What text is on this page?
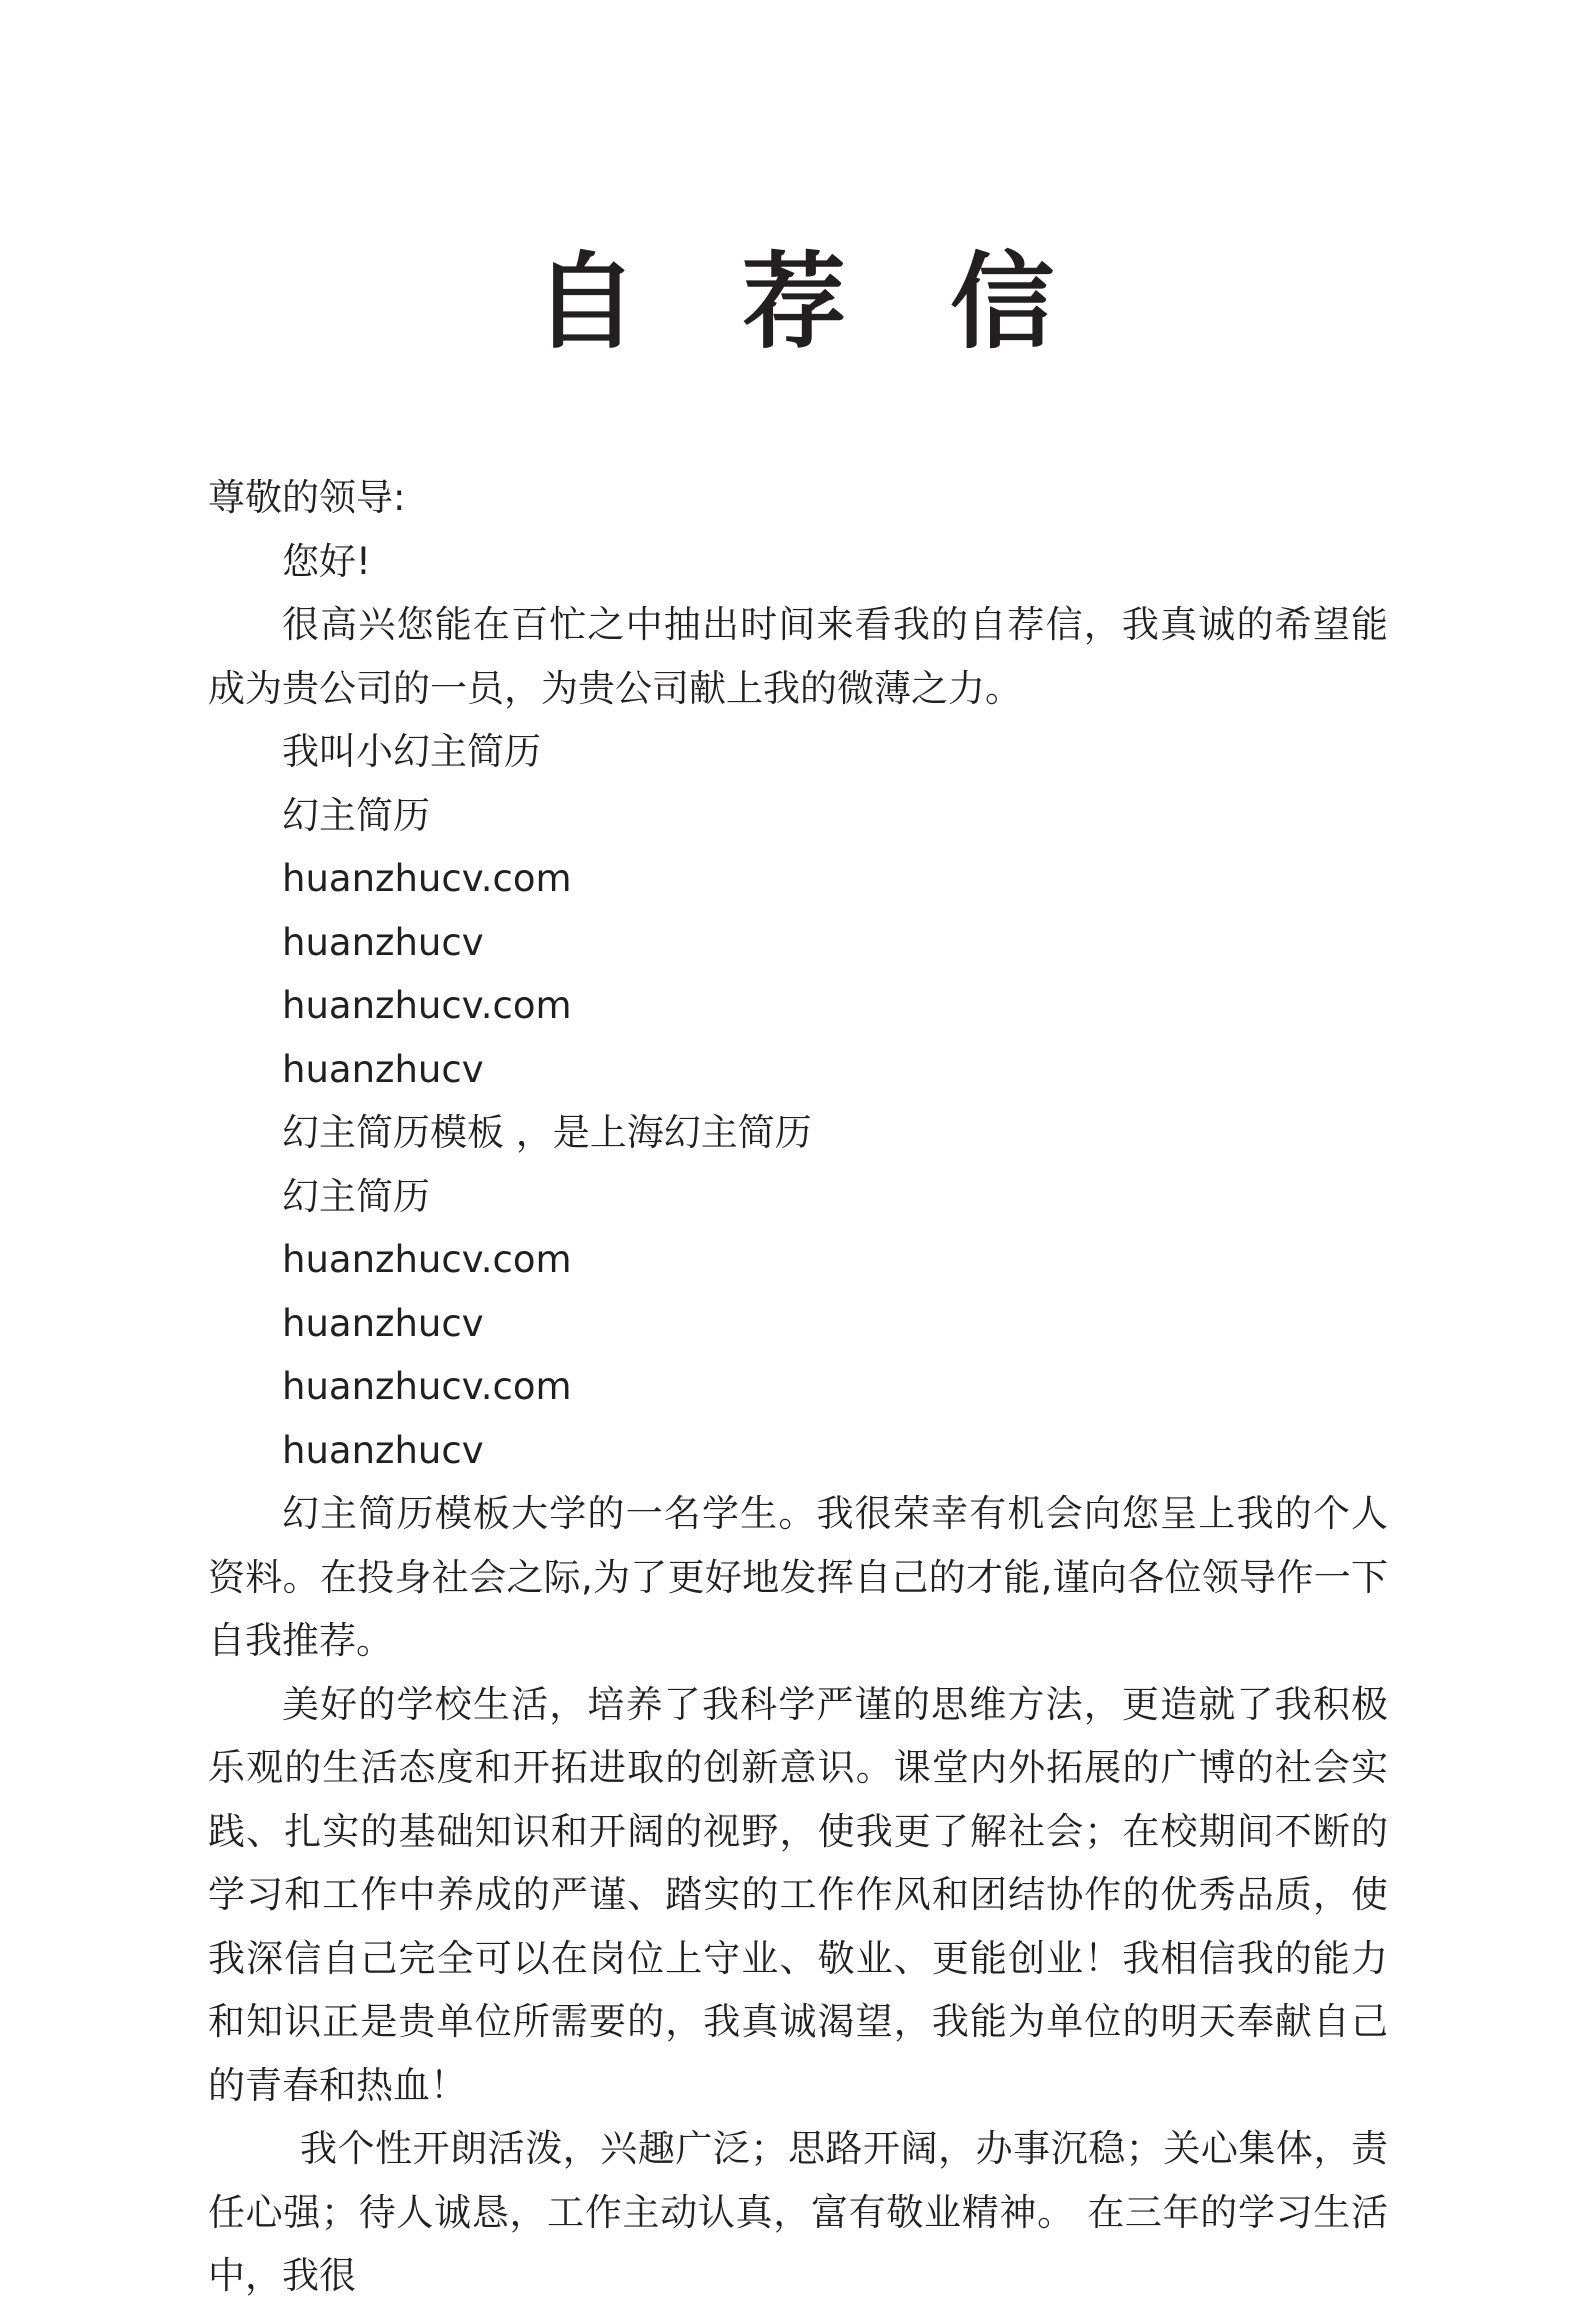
自 荐 信
尊敬的领导:
您好!

很高兴您能在百忙之中抽出时间来看我的自荐信，我真诚的希望能成为贵公司的一员，为贵公司献上我的微薄之力。

我叫小幻主简历
幻主简历
huanzhucv.com
huanzhucv
huanzhucv.com
huanzhucv
幻主简历模板 ，是上海幻主简历
幻主简历
huanzhucv.com
huanzhucv
huanzhucv.com
huanzhucv

幻主简历模板大学的一名学生。我很荣幸有机会向您呈上我的个人资料。在投身社会之际,为了更好地发挥自己的才能,谨向各位领导作一下自我推荐。

美好的学校生活，培养了我科学严谨的思维方法，更造就了我积极乐观的生活态度和开拓进取的创新意识。课堂内外拓展的广博的社会实践、扎实的基础知识和开阔的视野，使我更了解社会；在校期间不断的学习和工作中养成的严谨、踏实的工作作风和团结协作的优秀品质，使我深信自己完全可以在岗位上守业、敬业、更能创业！我相信我的能力和知识正是贵单位所需要的，我真诚渴望，我能为单位的明天奉献自己的青春和热血！

我个性开朗活泼，兴趣广泛；思路开阔，办事沉稳；关心集体，责任心强；待人诚恳，工作主动认真，富有敬业精神。 在三年的学习生活中，我很
